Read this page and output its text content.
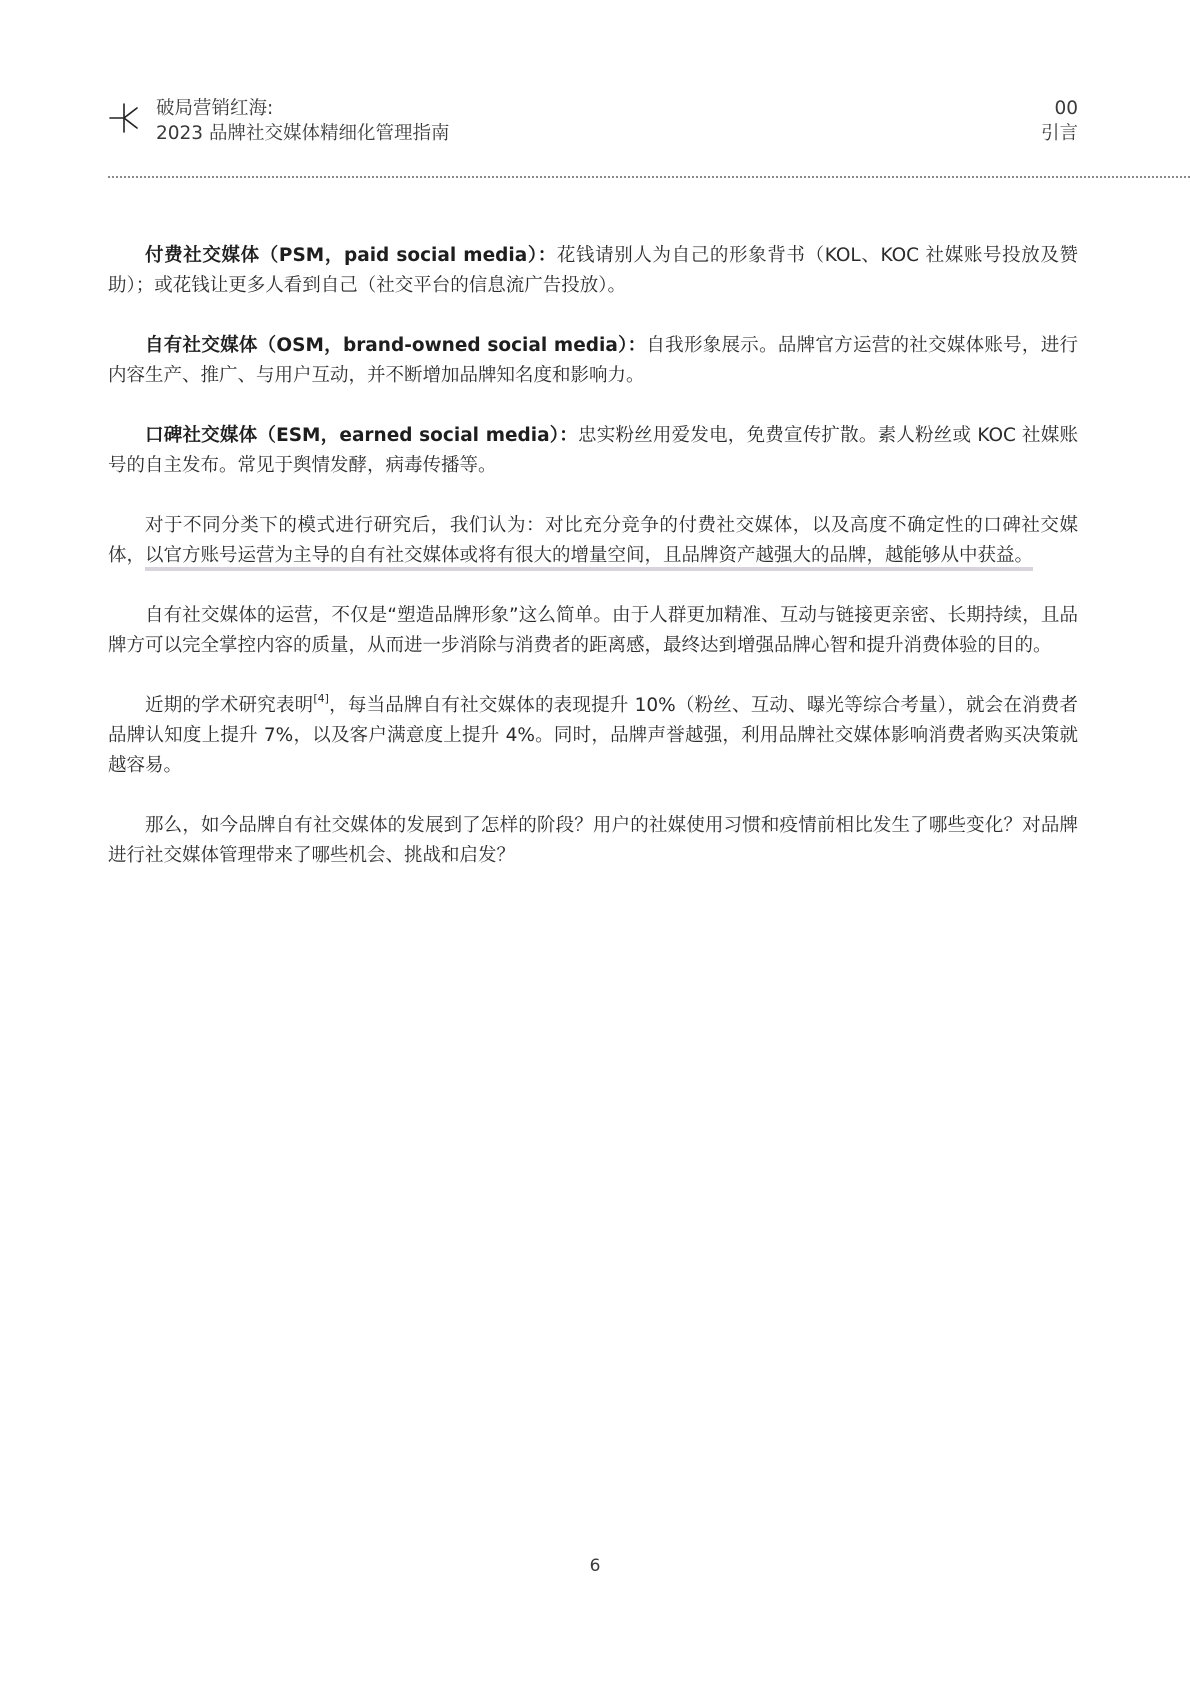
破局营销红海:
2023 品牌社交媒体精细化管理指南
00
引言

付费社交媒体（PSM，paid social media）：花钱请别人为自己的形象背书（KOL、KOC 社媒账号投放及赞助）；或花钱让更多人看到自己（社交平台的信息流广告投放）。

自有社交媒体（OSM，brand-owned social media）：自我形象展示。品牌官方运营的社交媒体账号，进行内容生产、推广、与用户互动，并不断增加品牌知名度和影响力。

口碑社交媒体（ESM，earned social media）：忠实粉丝用爱发电，免费宣传扩散。素人粉丝或 KOC 社媒账号的自主发布。常见于舆情发酵，病毒传播等。

对于不同分类下的模式进行研究后，我们认为：对比充分竞争的付费社交媒体，以及高度不确定性的口碑社交媒体，以官方账号运营为主导的自有社交媒体或将有很大的增量空间，且品牌资产越强大的品牌，越能够从中获益。

自有社交媒体的运营，不仅是“塑造品牌形象”这么简单。由于人群更加精准、互动与链接更亲密、长期持续，且品牌方可以完全掌控内容的质量，从而进一步消除与消费者的距离感，最终达到增强品牌心智和提升消费体验的目的。

近期的学术研究表明[4]，每当品牌自有社交媒体的表现提升 10%（粉丝、互动、曝光等综合考量），就会在消费者品牌认知度上提升 7%，以及客户满意度上提升 4%。同时，品牌声誉越强，利用品牌社交媒体影响消费者购买决策就越容易。

那么，如今品牌自有社交媒体的发展到了怎样的阶段？用户的社媒使用习惯和疫情前相比发生了哪些变化？对品牌进行社交媒体管理带来了哪些机会、挑战和启发？

6
